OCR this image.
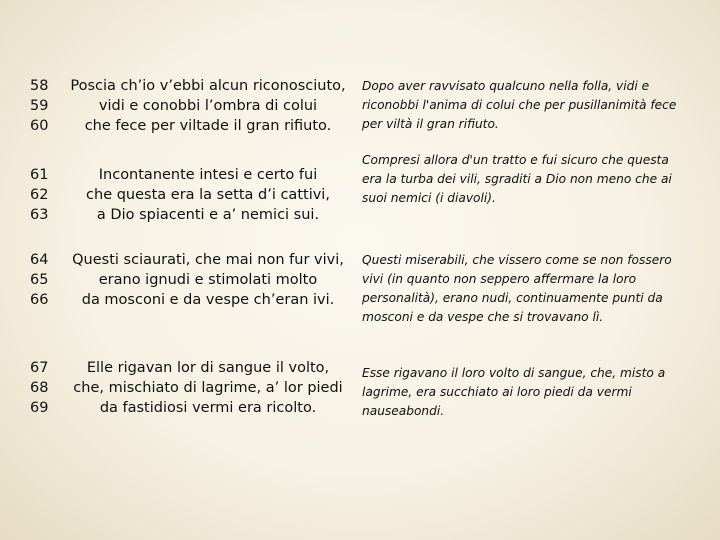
58
59
60
Poscia ch’io v’ebbi alcun riconosciuto,
vidi e conobbi l’ombra di colui
che fece per viltade il gran rifiuto.
Dopo aver ravvisato qualcuno nella folla, vidi e
riconobbi l'anima di colui che per pusillanimità fece
per viltà il gran rifiuto.
61
62
63
Incontanente intesi e certo fui
che questa era la setta d’i cattivi,
a Dio spiacenti e a’ nemici sui.
Compresi allora d'un tratto e fui sicuro che questa
era la turba dei vili, sgraditi a Dio non meno che ai
suoi nemici (i diavoli).
64
65
66
Questi sciaurati, che mai non fur vivi,
erano ignudi e stimolati molto
da mosconi e da vespe ch’eran ivi.
Questi miserabili, che vissero come se non fossero
vivi (in quanto non seppero affermare la loro
personalità), erano nudi, continuamente punti da
mosconi e da vespe che si trovavano lì.
67
68
69
Elle rigavan lor di sangue il volto,
che, mischiato di lagrime, a’ lor piedi
da fastidiosi vermi era ricolto.
Esse rigavano il loro volto di sangue, che, misto a
lagrime, era succhiato ai loro piedi da vermi
nauseabondi.
